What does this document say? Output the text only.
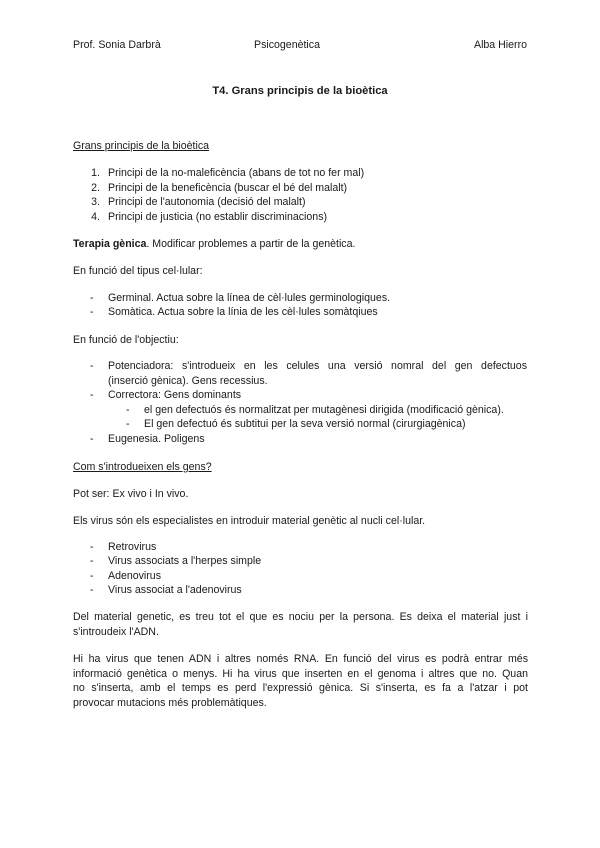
Prof. Sonia Darbrà	Psicogenètica	Alba Hierro
T4. Grans principis de la bioètica
Grans principis de la bioètica
1. Principi de la no-maleficència (abans de tot no fer mal)
2. Principi de la beneficència (buscar el bé del malalt)
3. Principi de l'autonomia (decisió del malalt)
4. Principi de justicia (no establir discriminacions)
Terapia gènica. Modificar problemes a partir de la genètica.
En funció del tipus cel·lular:
- Germinal. Actua sobre la línea de cèl·lules germinologiques.
- Somàtica. Actua sobre la línia de les cèl·lules somàtqiues
En funció de l'objectiu:
- Potenciadora: s'introdueix en les celules una versió nomral del gen defectuos
(inserció gènica). Gens recessius.
- Correctora: Gens dominants
- el gen defectuós és normalitzat per mutagènesi dirigida (modificació gènica).
- El gen defectuó és subtitui per la seva versió normal (cirurgiagènica)
- Eugenesia. Poligens
Com s'introdueixen els gens?
Pot ser: Ex vivo i In vivo.
Els virus són els especialistes en introduir material genètic al nucli cel·lular.
- Retrovirus
- Virus associats a l'herpes simple
- Adenovirus
- Virus associat a l'adenovirus
Del material genetic, es treu tot el que es nociu per la persona. Es deixa el material just i
s'introudeix l'ADN.
Hi ha virus que tenen ADN i altres només RNA. En funció del virus es podrà entrar més
informació genètica o menys. Hi ha virus que inserten en el genoma i altres que no. Quan
no s'inserta, amb el temps es perd l'expressió gènica. Si s'inserta, es fa a l'atzar i pot
provocar mutacions més problemàtiques.
